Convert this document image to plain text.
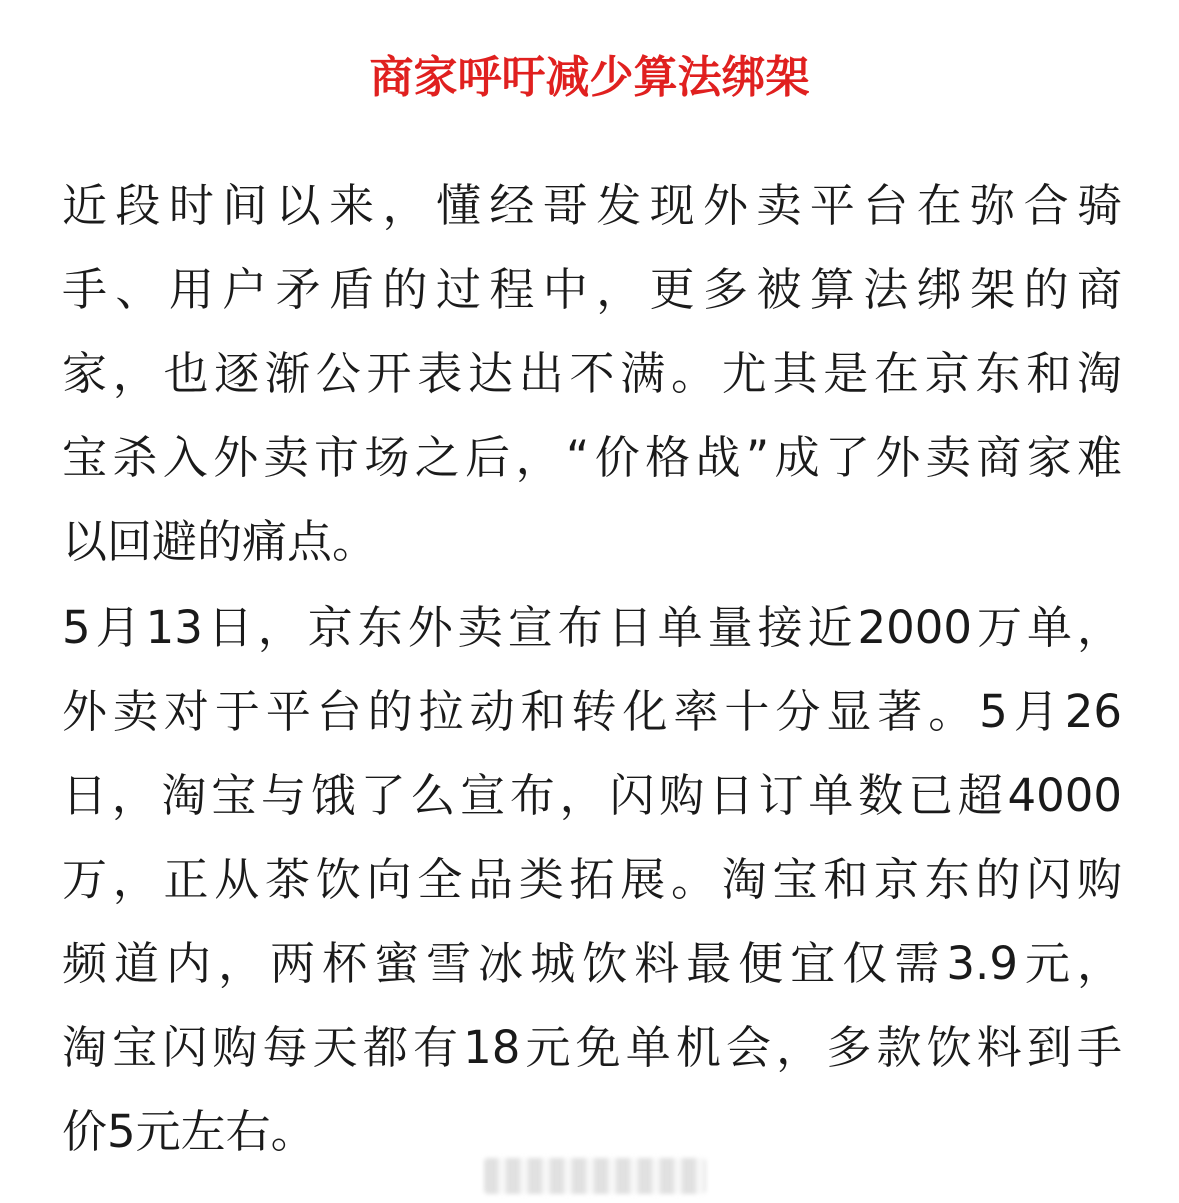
商家呼吁减少算法绑架
近段时间以来，懂经哥发现外卖平台在弥合骑
手、用户矛盾的过程中，更多被算法绑架的商
家，也逐渐公开表达出不满。尤其是在京东和淘
宝杀入外卖市场之后，“价格战”成了外卖商家难
以回避的痛点。
5月13日，京东外卖宣布日单量接近2000万单，
外卖对于平台的拉动和转化率十分显著。5月26
日，淘宝与饿了么宣布，闪购日订单数已超4000
万，正从茶饮向全品类拓展。淘宝和京东的闪购
频道内，两杯蜜雪冰城饮料最便宜仅需3.9元，
淘宝闪购每天都有18元免单机会，多款饮料到手
价5元左右。
